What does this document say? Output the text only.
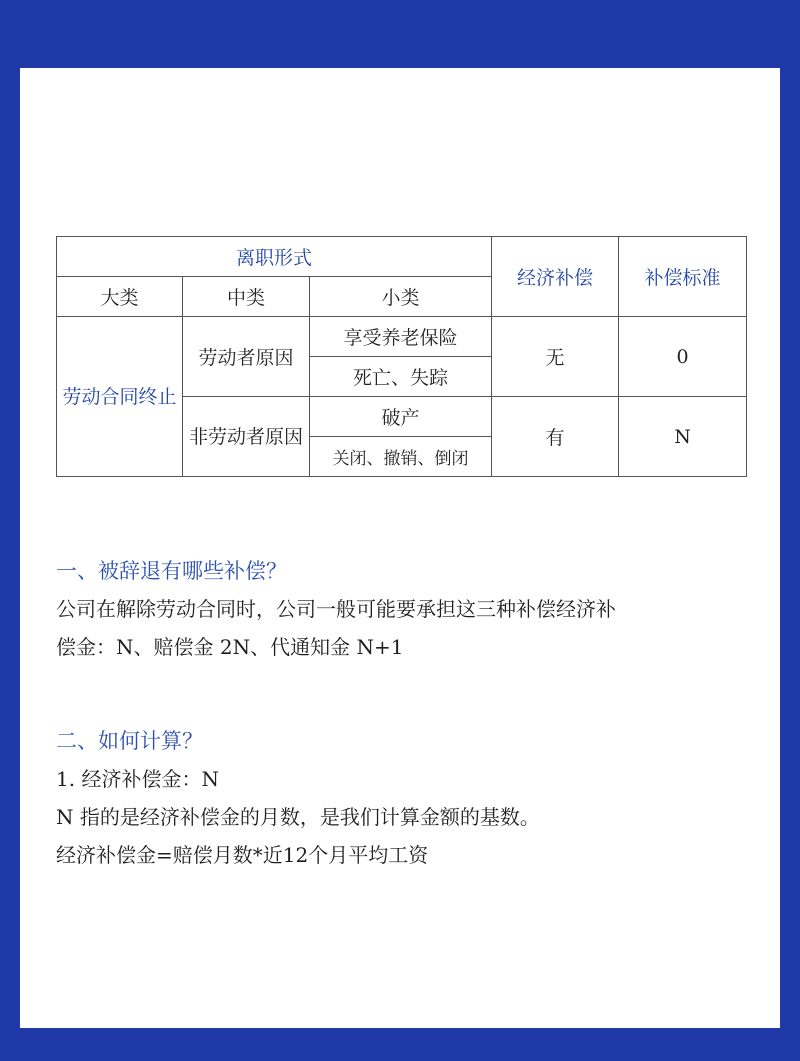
离职形式			经济补偿	补偿标准
大类	中类	小类		
劳动合同终止	劳动者原因	享受养老保险	无	0
		死亡、失踪		
	非劳动者原因	破产	有	N
		关闭、撤销、倒闭		
一、被辞退有哪些补偿？
公司在解除劳动合同时，公司一般可能要承担这三种补偿经济补
偿金：N、赔偿金 2N、代通知金 N+1
二、如何计算？
1. 经济补偿金：N
N 指的是经济补偿金的月数，是我们计算金额的基数。
经济补偿金=赔偿月数*近12个月平均工资
